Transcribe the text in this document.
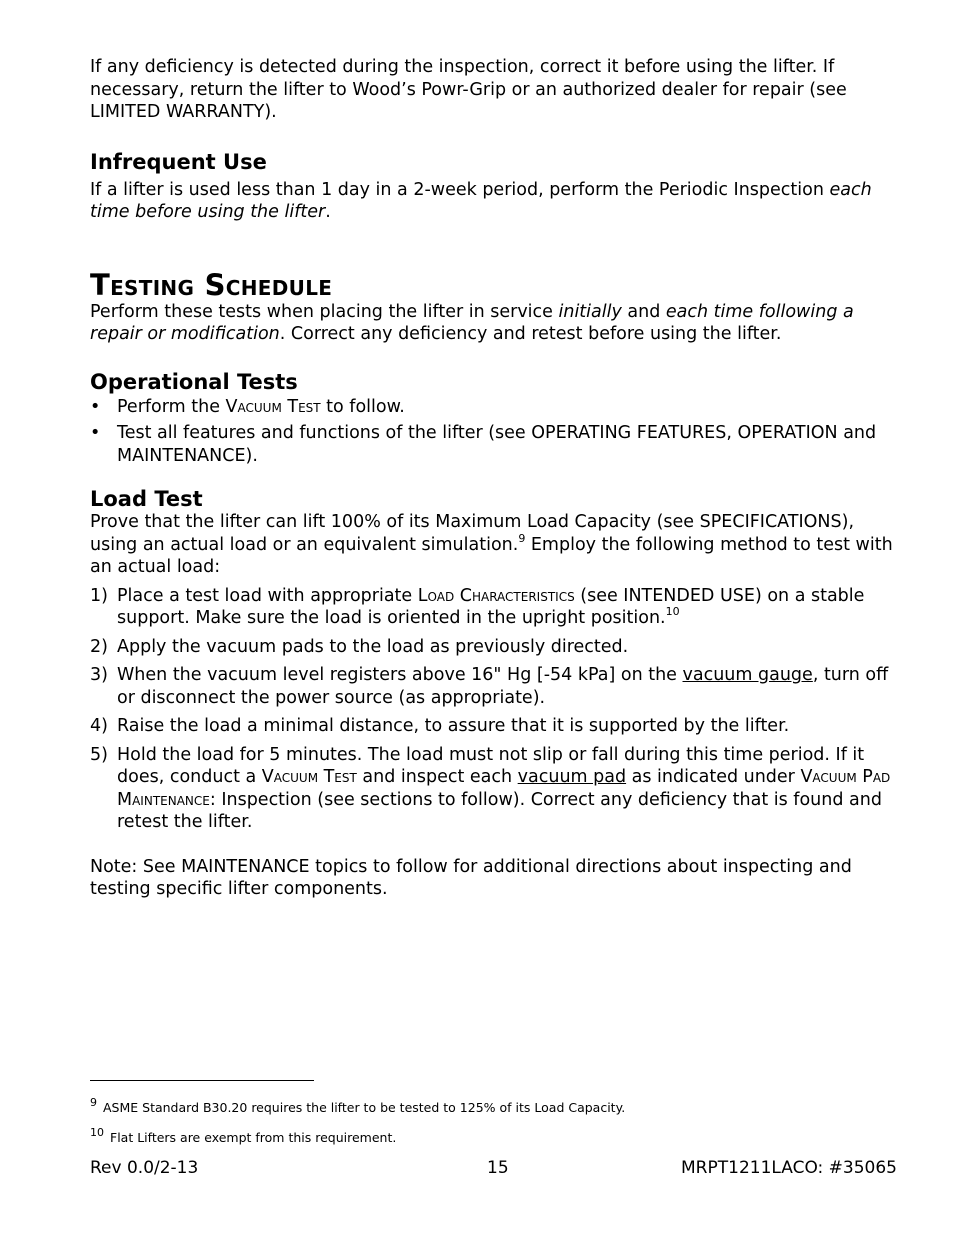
If any deficiency is detected during the inspection, correct it before using the lifter. If necessary, return the lifter to Wood’s Powr-Grip or an authorized dealer for repair (see LIMITED WARRANTY).

Infrequent Use

If a lifter is used less than 1 day in a 2-week period, perform the Periodic Inspection each time before using the lifter.

Testing Schedule

Perform these tests when placing the lifter in service initially and each time following a repair or modification. Correct any deficiency and retest before using the lifter.

Operational Tests
• Perform the Vacuum Test to follow.
• Test all features and functions of the lifter (see OPERATING FEATURES, OPERATION and MAINTENANCE).
Load Test

Prove that the lifter can lift 100% of its Maximum Load Capacity (see SPECIFICATIONS), using an actual load or an equivalent simulation.$^9$ Employ the following method to test with an actual load:

1) Place a test load with appropriate Load Characteristics (see INTENDED USE) on a stable support. Make sure the load is oriented in the upright position.$^{10}$
2) Apply the vacuum pads to the load as previously directed.
3) When the vacuum level registers above 16" Hg [-54 kPa] on the vacuum gauge, turn off or disconnect the power source (as appropriate).
4) Raise the load a minimal distance, to assure that it is supported by the lifter.
5) Hold the load for 5 minutes. The load must not slip or fall during this time period. If it does, conduct a Vacuum Test and inspect each vacuum pad as indicated under Vacuum Pad Maintenance: Inspection (see sections to follow). Correct any deficiency that is found and retest the lifter.

Note: See MAINTENANCE topics to follow for additional directions about inspecting and testing specific lifter components.

9 ASME Standard B30.20 requires the lifter to be tested to 125% of its Load Capacity.
10 Flat Lifters are exempt from this requirement.
Rev 0.0/2-13	15	MRPT1211LACO: #35065
